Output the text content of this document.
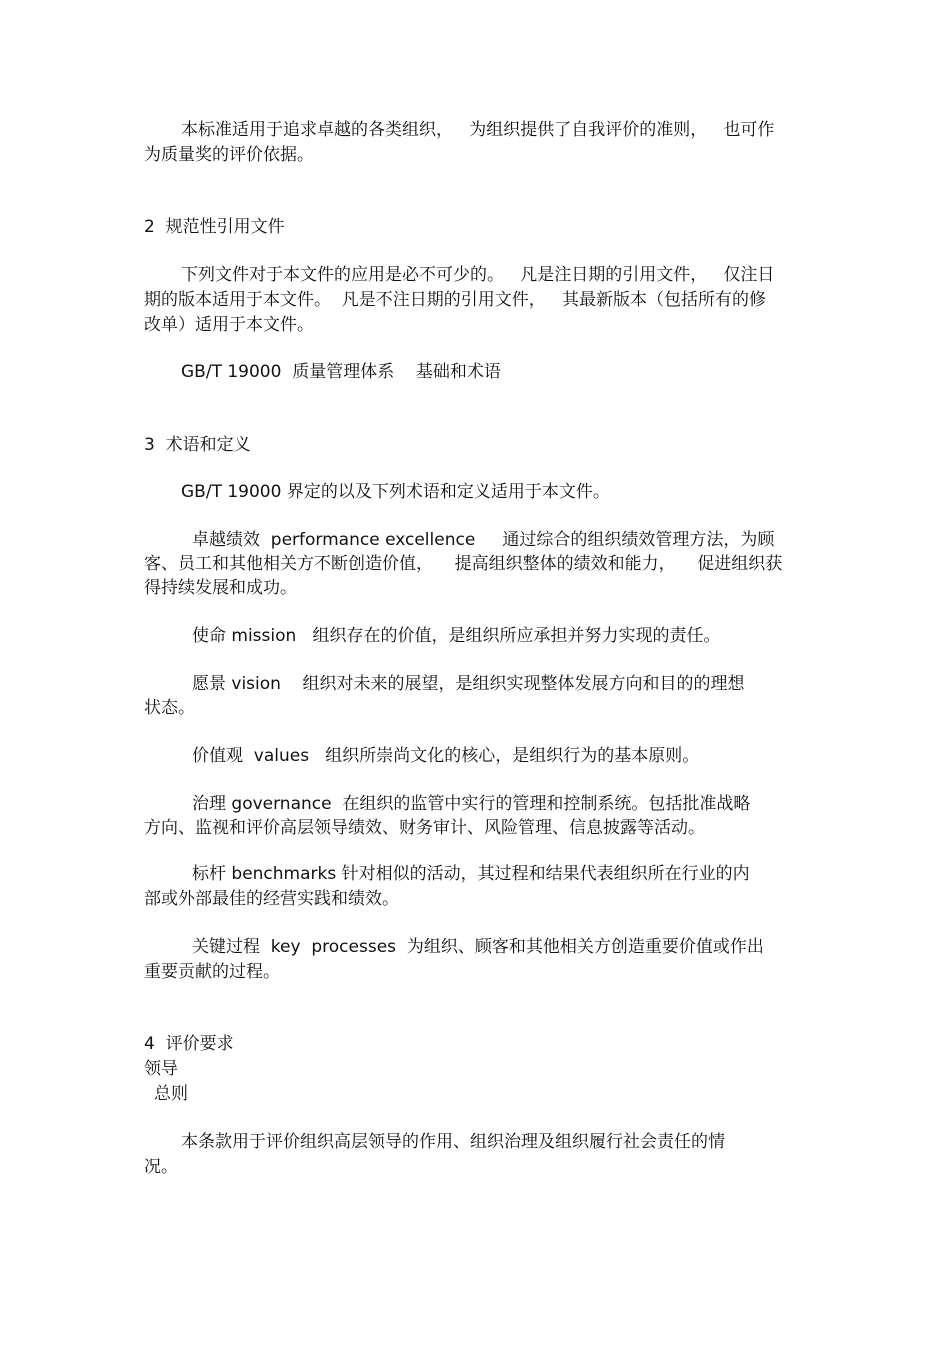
本标准适用于追求卓越的各类组织，   为组织提供了自我评价的准则，   也可作
为质量奖的评价依据。
2  规范性引用文件
下列文件对于本文件的应用是必不可少的。   凡是注日期的引用文件，   仅注日
期的版本适用于本文件。  凡是不注日期的引用文件，   其最新版本（包括所有的修
改单）适用于本文件。
GB/T 19000  质量管理体系    基础和术语
3  术语和定义
GB/T 19000 界定的以及下列术语和定义适用于本文件。
卓越绩效  performance excellence     通过综合的组织绩效管理方法，为顾
客、员工和其他相关方不断创造价值，    提高组织整体的绩效和能力，    促进组织获
得持续发展和成功。
使命 mission   组织存在的价值，是组织所应承担并努力实现的责任。
愿景 vision    组织对未来的展望，是组织实现整体发展方向和目的的理想
状态。
价值观  values   组织所崇尚文化的核心，是组织行为的基本原则。
治理 governance  在组织的监管中实行的管理和控制系统。包括批准战略
方向、监视和评价高层领导绩效、财务审计、风险管理、信息披露等活动。
标杆 benchmarks 针对相似的活动，其过程和结果代表组织所在行业的内
部或外部最佳的经营实践和绩效。
关键过程  key  processes  为组织、顾客和其他相关方创造重要价值或作出
重要贡献的过程。
4  评价要求
领导
总则
本条款用于评价组织高层领导的作用、组织治理及组织履行社会责任的情
况。
